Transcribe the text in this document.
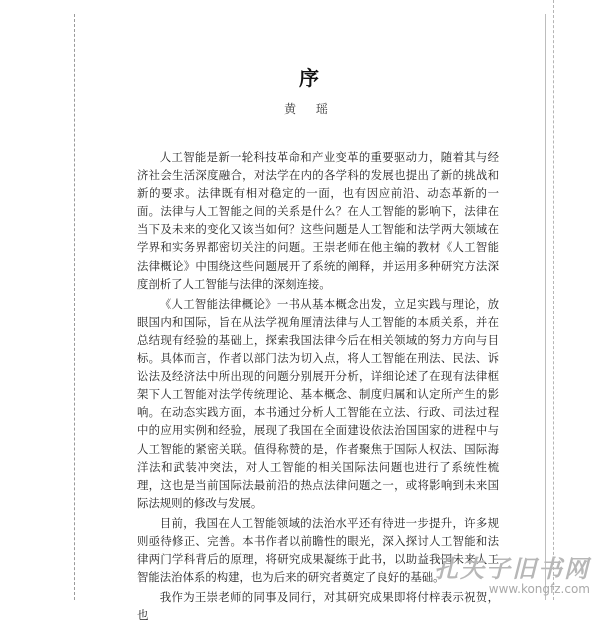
序
黄 瑶

人工智能是新一轮科技革命和产业变革的重要驱动力，随着其与经济社会生活深度融合，对法学在内的各学科的发展也提出了新的挑战和新的要求。法律既有相对稳定的一面，也有因应前沿、动态革新的一面。法律与人工智能之间的关系是什么？在人工智能的影响下，法律在当下及未来的变化又该当如何？这些问题是人工智能和法学两大领域在学界和实务界都密切关注的问题。王崇老师在他主编的教材《人工智能法律概论》中围绕这些问题展开了系统的阐释，并运用多种研究方法深度剖析了人工智能与法律的深刻连接。

《人工智能法律概论》一书从基本概念出发，立足实践与理论，放眼国内和国际，旨在从法学视角厘清法律与人工智能的本质关系，并在总结现有经验的基础上，探索我国法律今后在相关领域的努力方向与目标。具体而言，作者以部门法为切入点，将人工智能在刑法、民法、诉讼法及经济法中所出现的问题分别展开分析，详细论述了在现有法律框架下人工智能对法学传统理论、基本概念、制度归属和认定所产生的影响。在动态实践方面，本书通过分析人工智能在立法、行政、司法过程中的应用实例和经验，展现了我国在全面建设依法治国国家的进程中与人工智能的紧密关联。值得称赞的是，作者聚焦于国际人权法、国际海洋法和武装冲突法，对人工智能的相关国际法问题也进行了系统性梳理，这也是当前国际法最前沿的热点法律问题之一，或将影响到未来国际法规则的修改与发展。

目前，我国在人工智能领域的法治水平还有待进一步提升，许多规则亟待修正、完善。本书作者以前瞻性的眼光，深入探讨人工智能和法律两门学科背后的原理，将研究成果凝练于此书，以助益我国未来人工智能法治体系的构建，也为后来的研究者奠定了良好的基础。

我作为王崇老师的同事及同行，对其研究成果即将付梓表示祝贺，也

孔夫子旧书网
www.kongfz.com
